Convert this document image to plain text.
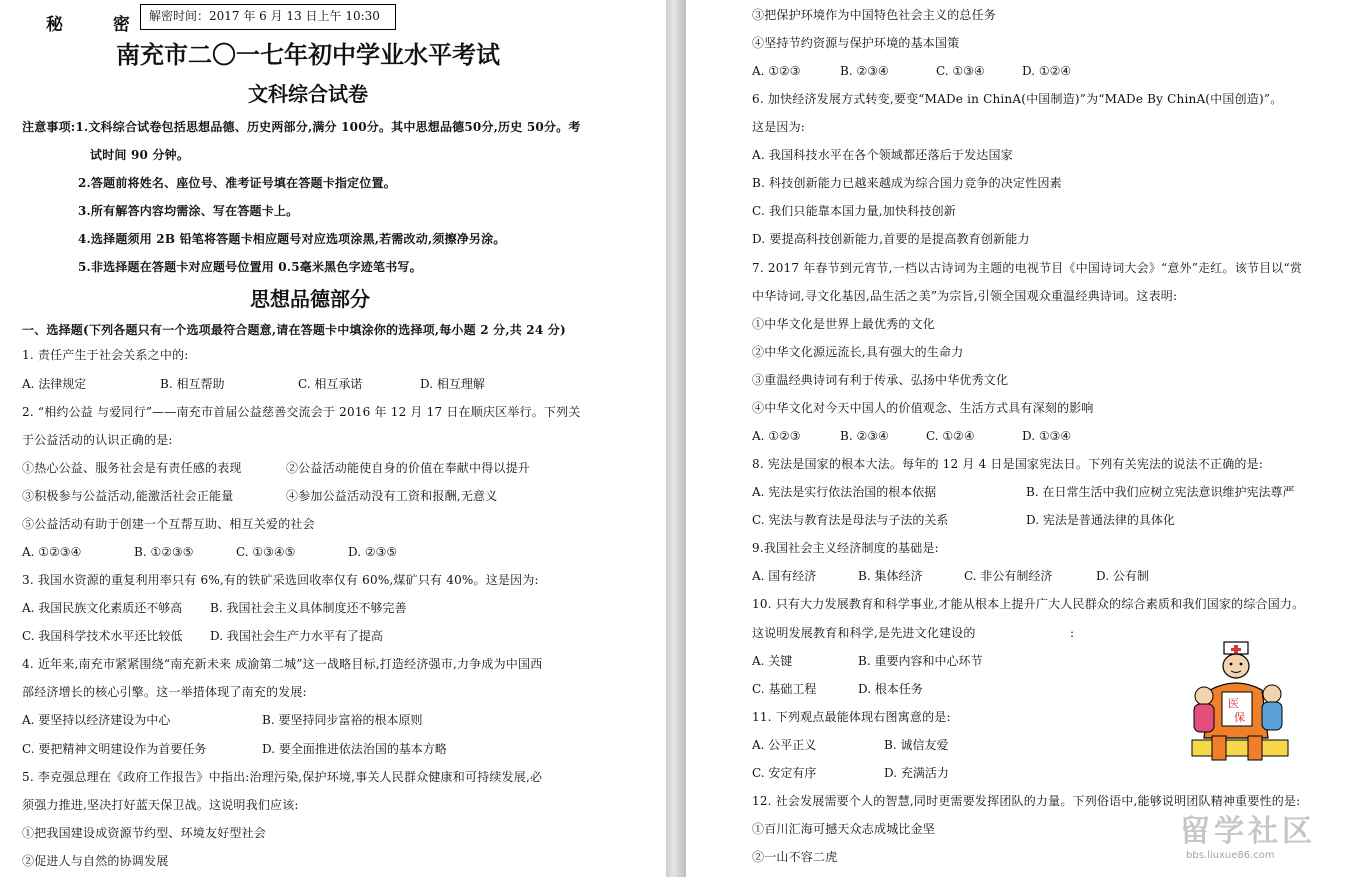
秘 密
解密时间：2017 年 6 月 13 日上午 10:30
南充市二〇一七年初中学业水平考试
文科综合试卷
注意事项:1.文科综合试卷包括思想品德、历史两部分,满分 100分。其中思想品德50分,历史 50分。考
试时间 90 分钟。
2.答题前将姓名、座位号、准考证号填在答题卡指定位置。
3.所有解答内容均需涂、写在答题卡上。
4.选择题须用 2B 铅笔将答题卡相应题号对应选项涂黑,若需改动,须擦净另涂。
5.非选择题在答题卡对应题号位置用 0.5毫米黑色字迹笔书写。
思想品德部分
一、选择题(下列各题只有一个选项最符合题意,请在答题卡中填涂你的选择项,每小题 2 分,共 24 分)
1. 责任产生于社会关系之中的:
A. 法律规定	B. 相互帮助	C. 相互承诺	D. 相互理解
2. “相约公益 与爱同行”——南充市首届公益慈善交流会于 2016 年 12 月 17 日在顺庆区举行。下列关
于公益活动的认识正确的是:
①热心公益、服务社会是有责任感的表现	②公益活动能使自身的价值在奉献中得以提升
③积极参与公益活动,能激活社会正能量	④参加公益活动没有工资和报酬,无意义
⑤公益活动有助于创建一个互帮互助、相互关爱的社会
A. ①②③④	B. ①②③⑤	C. ①③④⑤	D. ②③⑤
3. 我国水资源的重复利用率只有 6%,有的铁矿采选回收率仅有 60%,煤矿只有 40%。这是因为:
A. 我国民族文化素质还不够高 B. 我国社会主义具体制度还不够完善
C. 我国科学技术水平还比较低 D. 我国社会生产力水平有了提高
4. 近年来,南充市紧紧围绕“南充新未来 成渝第二城”这一战略目标,打造经济强市,力争成为中国西
部经济增长的核心引擎。这一举措体现了南充的发展:
A. 要坚持以经济建设为中心	B. 要坚持同步富裕的根本原则
C. 要把精神文明建设作为首要任务	D. 要全面推进依法治国的基本方略
5. 李克强总理在《政府工作报告》中指出:治理污染,保护环境,事关人民群众健康和可持续发展,必
须强力推进,坚决打好蓝天保卫战。这说明我们应该:
①把我国建设成资源节约型、环境友好型社会
②促进人与自然的协调发展
③把保护环境作为中国特色社会主义的总任务
④坚持节约资源与保护环境的基本国策
A. ①②③	B. ②③④	C. ①③④	D. ①②④
6. 加快经济发展方式转变,要变“MADe in ChinA(中国制造)”为“MADe By ChinA(中国创造)”。
这是因为:
A. 我国科技水平在各个领域都还落后于发达国家
B. 科技创新能力已越来越成为综合国力竞争的决定性因素
C. 我们只能靠本国力量,加快科技创新
D. 要提高科技创新能力,首要的是提高教育创新能力
7. 2017 年春节到元宵节,一档以古诗词为主题的电视节目《中国诗词大会》“意外”走红。该节目以“赏
中华诗词,寻文化基因,品生活之美”为宗旨,引领全国观众重温经典诗词。这表明:
①中华文化是世界上最优秀的文化
②中华文化源远流长,具有强大的生命力
③重温经典诗词有利于传承、弘扬中华优秀文化
④中华文化对今天中国人的价值观念、生活方式具有深刻的影响
A. ①②③	B. ②③④	C. ①②④	D. ①③④
8. 宪法是国家的根本大法。每年的 12 月 4 日是国家宪法日。下列有关宪法的说法不正确的是:
A. 宪法是实行依法治国的根本依据	B. 在日常生活中我们应树立宪法意识维护宪法尊严
C. 宪法与教育法是母法与子法的关系	D. 宪法是普通法律的具体化
9.我国社会主义经济制度的基础是:
A. 国有经济	B. 集体经济	C. 非公有制经济	D. 公有制
10. 只有大力发展教育和科学事业,才能从根本上提升广大人民群众的综合素质和我们国家的综合国力。
这说明发展教育和科学,是先进文化建设的	:
A. 关键	B. 重要内容和中心环节
C. 基础工程	D. 根本任务
11. 下列观点最能体现右图寓意的是:
A. 公平正义	B. 诚信友爱
C. 安定有序	D. 充满活力
12. 社会发展需要个人的智慧,同时更需要发挥团队的力量。下列俗语中,能够说明团队精神重要性的是:
①百川汇海可撼天众志成城比金坚
②一山不容二虎
医
保
留学社区
bbs.liuxue86.com
